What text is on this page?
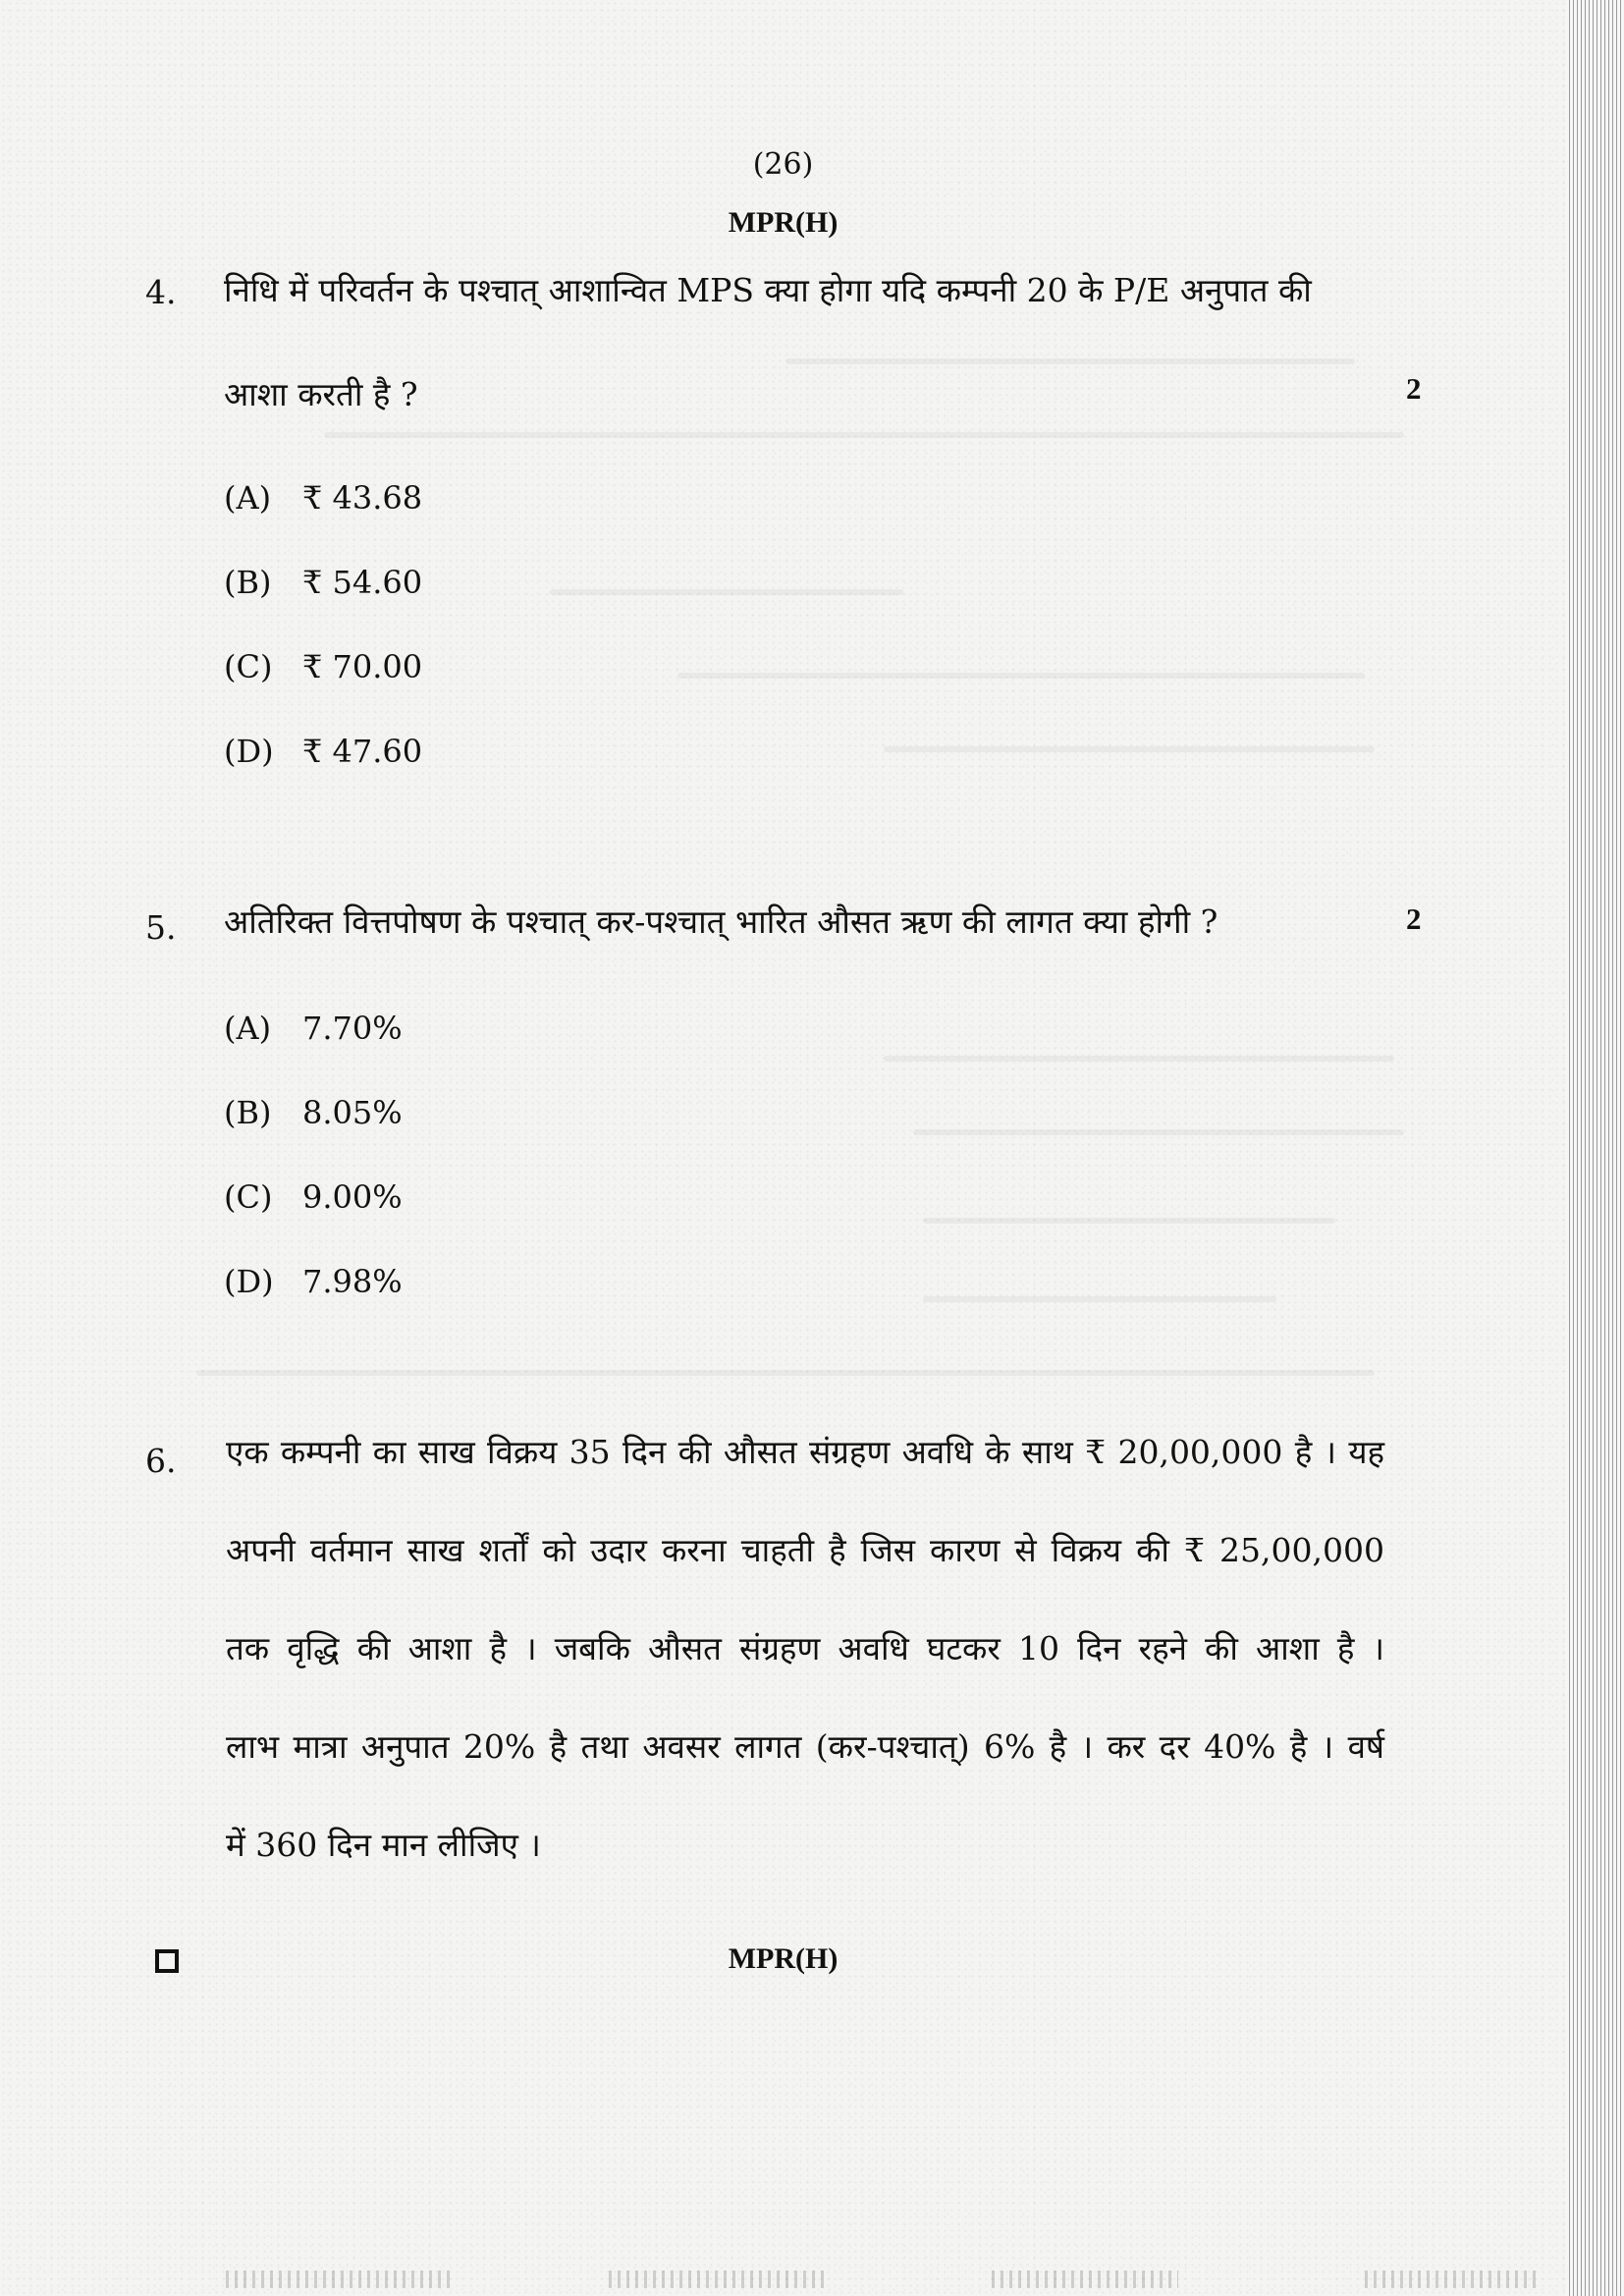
(26)
MPR(H)
4. निधि में परिवर्तन के पश्चात् आशान्वित MPS क्या होगा यदि कम्पनी 20 के P/E अनुपात की
आशा करती है ?	2
(A) ₹ 43.68
(B) ₹ 54.60
(C) ₹ 70.00
(D) ₹ 47.60
5. अतिरिक्त वित्तपोषण के पश्चात् कर-पश्चात् भारित औसत ऋण की लागत क्या होगी ?	2
(A) 7.70%
(B) 8.05%
(C) 9.00%
(D) 7.98%
6. एक कम्पनी का साख विक्रय 35 दिन की औसत संग्रहण अवधि के साथ ₹ 20,00,000 है । यह
अपनी वर्तमान साख शर्तों को उदार करना चाहती है जिस कारण से विक्रय की ₹ 25,00,000
तक वृद्धि की आशा है । जबकि औसत संग्रहण अवधि घटकर 10 दिन रहने की आशा है ।
लाभ मात्रा अनुपात 20% है तथा अवसर लागत (कर-पश्चात्) 6% है । कर दर 40% है । वर्ष
में 360 दिन मान लीजिए ।
MPR(H)
